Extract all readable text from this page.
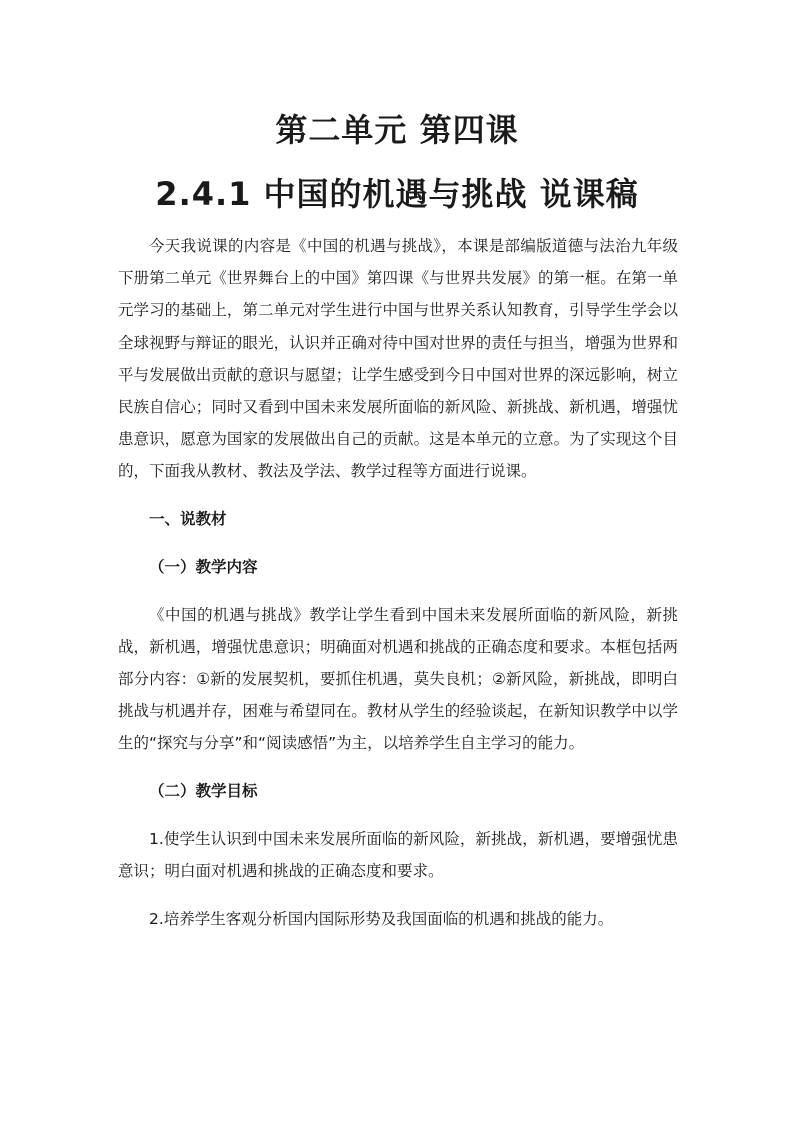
第二单元 第四课
2.4.1 中国的机遇与挑战 说课稿

今天我说课的内容是《中国的机遇与挑战》，本课是部编版道德与法治九年级下册第二单元《世界舞台上的中国》第四课《与世界共发展》的第一框。在第一单元学习的基础上，第二单元对学生进行中国与世界关系认知教育，引导学生学会以全球视野与辩证的眼光，认识并正确对待中国对世界的责任与担当，增强为世界和平与发展做出贡献的意识与愿望；让学生感受到今日中国对世界的深远影响，树立民族自信心；同时又看到中国未来发展所面临的新风险、新挑战、新机遇，增强忧患意识，愿意为国家的发展做出自己的贡献。这是本单元的立意。为了实现这个目的，下面我从教材、教法及学法、教学过程等方面进行说课。

一、说教材

（一）教学内容

《中国的机遇与挑战》教学让学生看到中国未来发展所面临的新风险，新挑战，新机遇，增强忧患意识；明确面对机遇和挑战的正确态度和要求。本框包括两部分内容：①新的发展契机，要抓住机遇，莫失良机；②新风险，新挑战，即明白挑战与机遇并存，困难与希望同在。教材从学生的经验谈起，在新知识教学中以学生的“探究与分享”和“阅读感悟”为主，以培养学生自主学习的能力。

（二）教学目标

1.使学生认识到中国未来发展所面临的新风险，新挑战，新机遇，要增强忧患意识；明白面对机遇和挑战的正确态度和要求。

2.培养学生客观分析国内国际形势及我国面临的机遇和挑战的能力。
